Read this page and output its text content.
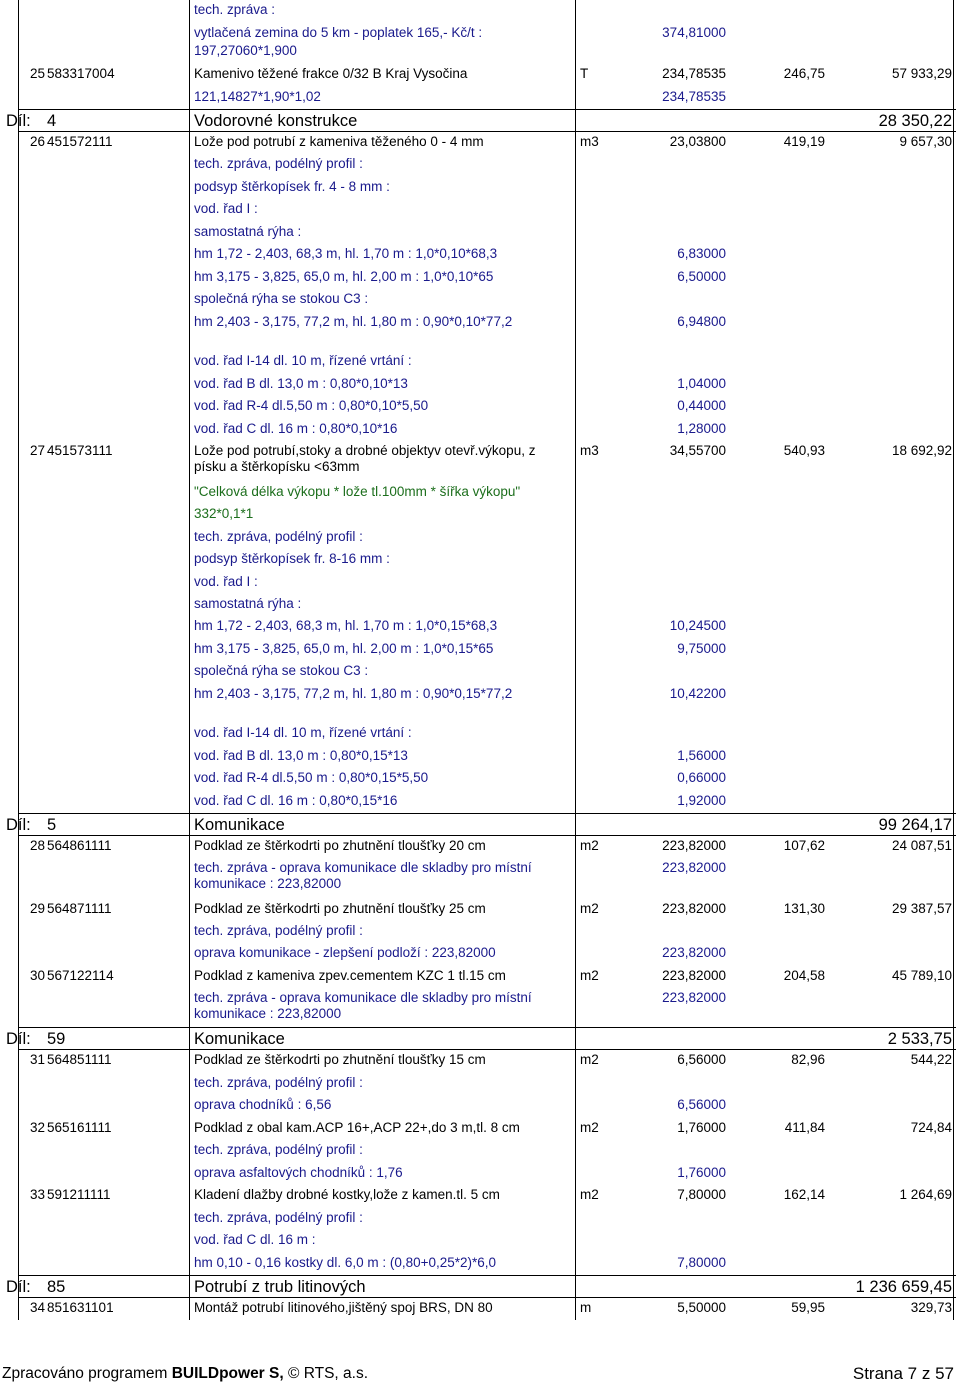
tech. zpráva :
vytlačená zemina do 5 km - poplatek 165,- Kč/t :	374,81000
197,27060*1,900
25 583317004	Kamenivo těžené frakce 0/32 B Kraj Vysočina	T	234,78535	246,75	57 933,29
121,14827*1,90*1,02	234,78535
Díl: 4	Vodorovné konstrukce	28 350,22
26 451572111	Lože pod potrubí z kameniva těženého 0 - 4 mm	m3	23,03800	419,19	9 657,30
tech. zpráva, podélný profil :
podsyp štěrkopísek fr. 4 - 8 mm :
vod. řad I :
samostatná rýha :
hm 1,72 - 2,403, 68,3 m, hl. 1,70 m : 1,0*0,10*68,3	6,83000
hm 3,175 - 3,825, 65,0 m, hl. 2,00 m : 1,0*0,10*65	6,50000
společná rýha se stokou C3 :
hm 2,403 - 3,175, 77,2 m, hl. 1,80 m : 0,90*0,10*77,2	6,94800
vod. řad I-14 dl. 10 m, řízené vrtání :
vod. řad B dl. 13,0 m : 0,80*0,10*13	1,04000
vod. řad R-4 dl.5,50 m : 0,80*0,10*5,50	0,44000
vod. řad C dl. 16 m : 0,80*0,10*16	1,28000
27 451573111	Lože pod potrubí,stoky a drobné objektyv otevř.výkopu, z písku a štěrkopísku <63mm
m3	34,55700	540,93	18 692,92
"Celková délka výkopu * lože tl.100mm * šířka výkopu"
332*0,1*1
tech. zpráva, podélný profil :
podsyp štěrkopísek fr. 8-16 mm :
vod. řad I :
samostatná rýha :
hm 1,72 - 2,403, 68,3 m, hl. 1,70 m : 1,0*0,15*68,3	10,24500
hm 3,175 - 3,825, 65,0 m, hl. 2,00 m : 1,0*0,15*65	9,75000
společná rýha se stokou C3 :
hm 2,403 - 3,175, 77,2 m, hl. 1,80 m : 0,90*0,15*77,2	10,42200
vod. řad I-14 dl. 10 m, řízené vrtání :
vod. řad B dl. 13,0 m : 0,80*0,15*13	1,56000
vod. řad R-4 dl.5,50 m : 0,80*0,15*5,50	0,66000
vod. řad C dl. 16 m : 0,80*0,15*16	1,92000
Díl: 5	Komunikace	99 264,17
28 564861111	Podklad ze štěrkodrti po zhutnění tloušťky 20 cm	m2	223,82000	107,62	24 087,51
tech. zpráva - oprava komunikace dle skladby pro místní komunikace : 223,82000
223,82000
29 564871111	Podklad ze štěrkodrti po zhutnění tloušťky 25 cm	m2	223,82000	131,30	29 387,57
tech. zpráva, podélný profil :
oprava komunikace - zlepšení podloží : 223,82000	223,82000
30 567122114	Podklad z kameniva zpev.cementem KZC 1 tl.15 cm	m2	223,82000	204,58	45 789,10
tech. zpráva - oprava komunikace dle skladby pro místní komunikace : 223,82000
223,82000
Díl: 59	Komunikace	2 533,75
31 564851111	Podklad ze štěrkodrti po zhutnění tloušťky 15 cm	m2	6,56000	82,96	544,22
tech. zpráva, podélný profil :
oprava chodníků : 6,56	6,56000
32 565161111	Podklad z obal kam.ACP 16+,ACP 22+,do 3 m,tl. 8 cm	m2	1,76000	411,84	724,84
tech. zpráva, podélný profil :
oprava asfaltových chodníků : 1,76	1,76000
33 591211111	Kladení dlažby drobné kostky,lože z kamen.tl. 5 cm	m2	7,80000	162,14	1 264,69
tech. zpráva, podélný profil :
vod. řad C dl. 16 m :
hm 0,10 - 0,16 kostky dl. 6,0 m : (0,80+0,25*2)*6,0	7,80000
Díl: 85	Potrubí z trub litinových	1 236 659,45
34 851631101	Montáž potrubí litinového,jištěný spoj BRS, DN 80	m	5,50000	59,95	329,73
Zpracováno programem BUILDpower S, © RTS, a.s.	Strana 7 z 57
